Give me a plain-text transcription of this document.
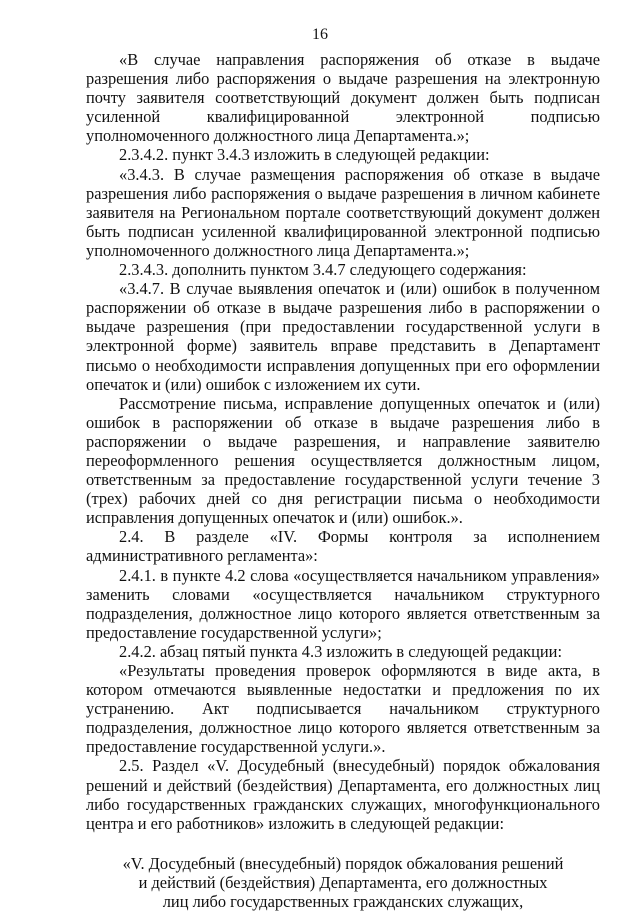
16

«В случае направления распоряжения об отказе в выдаче разрешения либо распоряжения о выдаче разрешения на электронную почту заявителя соответствующий документ должен быть подписан усиленной квалифицированной электронной подписью уполномоченного должностного лица Департамента.»;

2.3.4.2. пункт 3.4.3 изложить в следующей редакции:

«3.4.3. В случае размещения распоряжения об отказе в выдаче разрешения либо распоряжения о выдаче разрешения в личном кабинете заявителя на Региональном портале соответствующий документ должен быть подписан усиленной квалифицированной электронной подписью уполномоченного должностного лица Департамента.»;

2.3.4.3. дополнить пунктом 3.4.7 следующего содержания:

«3.4.7. В случае выявления опечаток и (или) ошибок в полученном распоряжении об отказе в выдаче разрешения либо в распоряжении о выдаче разрешения (при предоставлении государственной услуги в электронной форме) заявитель вправе представить в Департамент письмо о необходимости исправления допущенных при его оформлении опечаток и (или) ошибок с изложением их сути.

Рассмотрение письма, исправление допущенных опечаток и (или) ошибок в распоряжении об отказе в выдаче разрешения либо в распоряжении о выдаче разрешения, и направление заявителю переоформленного решения осуществляется должностным лицом, ответственным за предоставление государственной услуги течение 3 (трех) рабочих дней со дня регистрации письма о необходимости исправления допущенных опечаток и (или) ошибок.».

2.4. В разделе «IV. Формы контроля за исполнением административного регламента»:

2.4.1. в пункте 4.2 слова «осуществляется начальником управления» заменить словами «осуществляется начальником структурного подразделения, должностное лицо которого является ответственным за предоставление государственной услуги»;

2.4.2. абзац пятый пункта 4.3 изложить в следующей редакции:

«Результаты проведения проверок оформляются в виде акта, в котором отмечаются выявленные недостатки и предложения по их устранению. Акт подписывается начальником структурного подразделения, должностное лицо которого является ответственным за предоставление государственной услуги.».

2.5. Раздел «V. Досудебный (внесудебный) порядок обжалования решений и действий (бездействия) Департамента, его должностных лиц либо государственных гражданских служащих, многофункционального центра и его работников» изложить в следующей редакции:

«V. Досудебный (внесудебный) порядок обжалования решений
и действий (бездействия) Департамента, его должностных
лиц либо государственных гражданских служащих,
